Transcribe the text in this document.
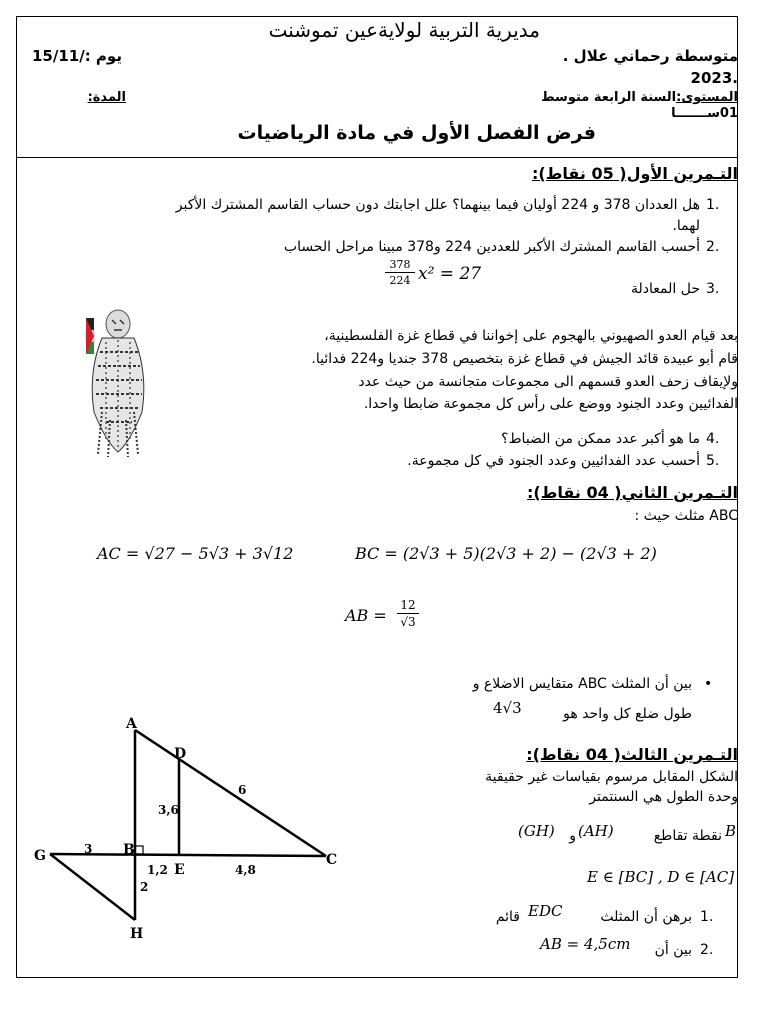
مديرية التربية لولايةعين تموشنت
متوسطة رحماني علال .
يوم :/15/11
.2023
المستوى:السنة الرابعة متوسط
المدة:
01ســـــــا
فرض الفصل الأول في مادة الرياضيات
التـمرين الأول( 05 نقاط):
هل العددان 378 و 224 أوليان فيما بينهما؟ علل اجابتك دون حساب القاسم المشترك الأكبر 1.
لهما.
أحسب القاسم المشترك الأكبر للعددين 224 و378 مبينا مراحل الحساب 2.
378
224 x² = 27
حل المعادلة 3.
بعد قيام العدو الصهيوني بالهجوم على إخواننا في قطاع غزة الفلسطينية،
قام أبو عبيدة قائد الجيش في قطاع غزة بتخصيص 378 جنديا و224 فدائيا.
ولإيقاف زحف العدو قسمهم الى مجموعات متجانسة من حيث عدد
الفدائيين وعدد الجنود ووضع على رأس كل مجموعة ضابطا واحدا.
ما هو أكبر عدد ممكن من الضباط؟ 4.
أحسب عدد الفدائيين وعدد الجنود في كل مجموعة. 5.
التـمرين الثاني( 04 نقاط):
ABC مثلث حيث :
AC = √27 − 5√3 + 3√12	BC = (2√3 + 5)(2√3 + 2) − (2√3 + 2)
AB =
12
√3
•
بين أن المثلث ABC متقايس الاضلاع و
طول ضلع كل واحد هو
4√3
التـمرين الثالث( 04 نقاط):
الشكل المقابل مرسوم بقياسات غير حقيقية
وحدة الطول هي السنتمتر
(GH)	و (AH)	نقطة تقاطع B
E ∈ [BC] , D ∈ [AC]
برهن أن المثلث
EDC
قائم	1.
بين أن
AB = 4,5cm	2.
A
B
C
D
E
G
H
3
3,6
6
1,2	4,8
2
